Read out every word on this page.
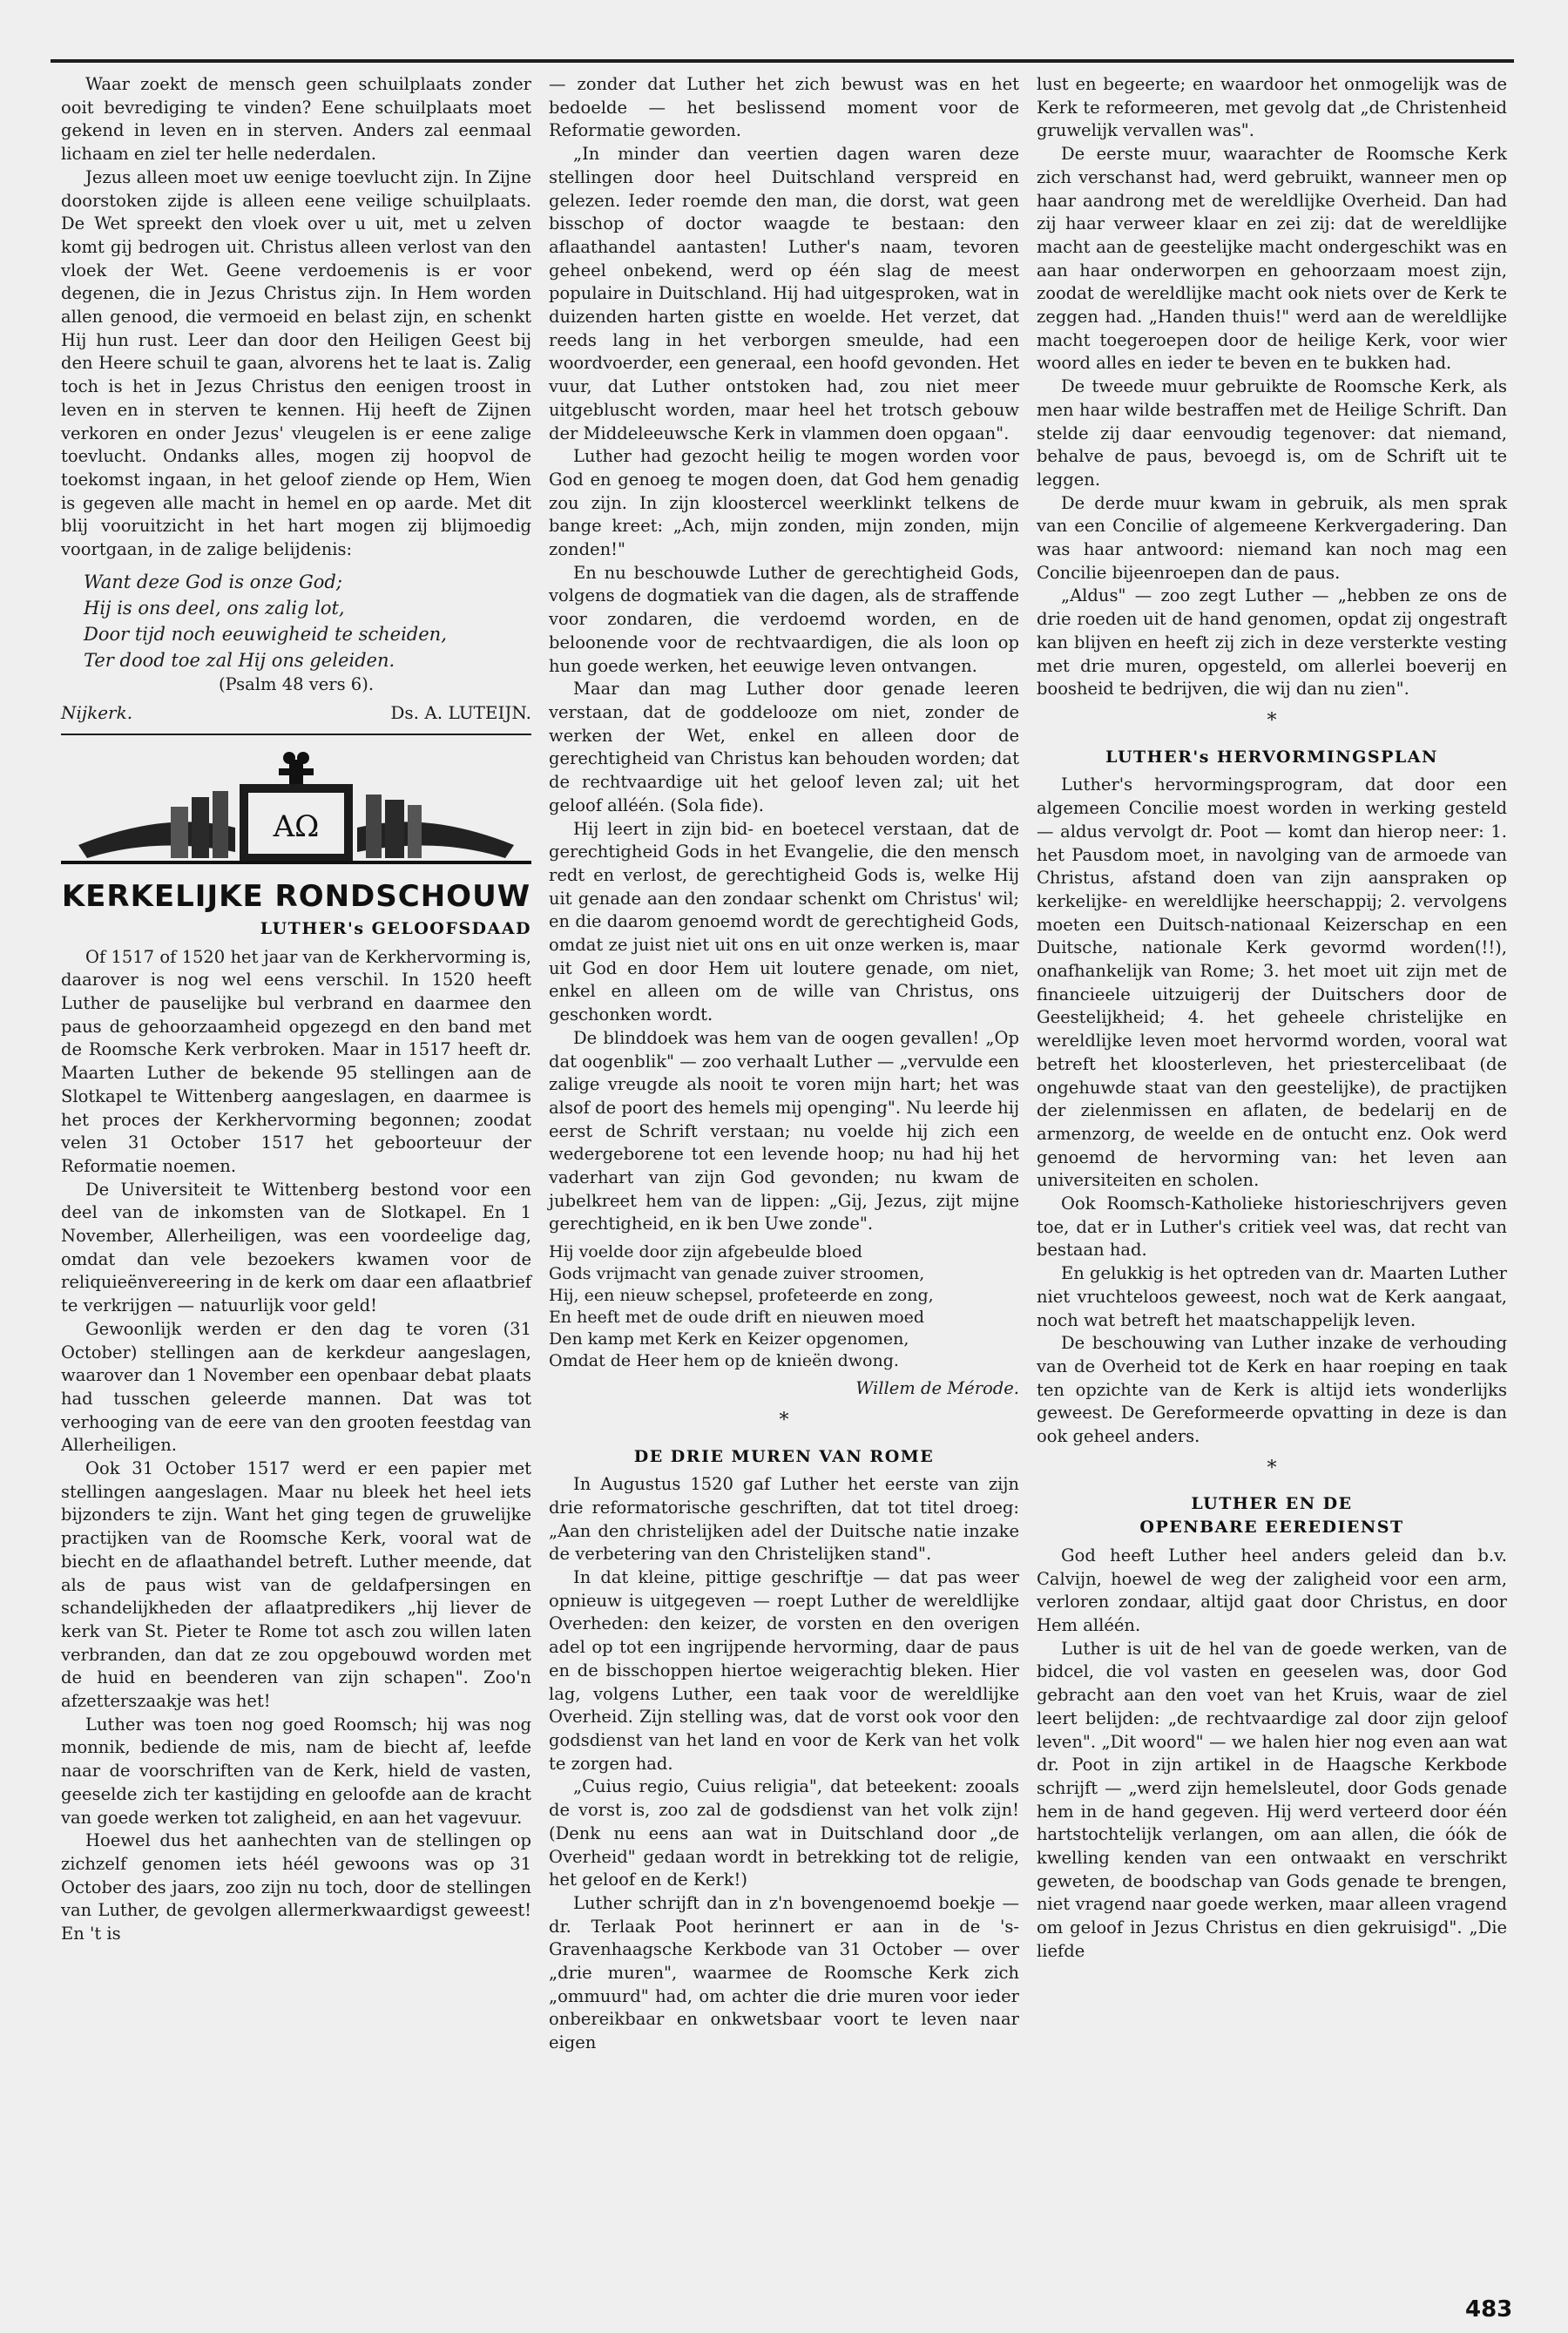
Waar zoekt de mensch geen schuilplaats zonder ooit bevrediging te vinden? Eene schuilplaats moet gekend in leven en in sterven. Anders zal eenmaal lichaam en ziel ter helle nederdalen.

Jezus alleen moet uw eenige toevlucht zijn. In Zijne doorstoken zijde is alleen eene veilige schuilplaats. De Wet spreekt den vloek over u uit, met u zelven komt gij bedrogen uit. Christus alleen verlost van den vloek der Wet. Geene verdoemenis is er voor degenen, die in Jezus Christus zijn. In Hem worden allen genood, die vermoeid en belast zijn, en schenkt Hij hun rust. Leer dan door den Heiligen Geest bij den Heere schuil te gaan, alvorens het te laat is. Zalig toch is het in Jezus Christus den eenigen troost in leven en in sterven te kennen. Hij heeft de Zijnen verkoren en onder Jezus' vleugelen is er eene zalige toevlucht. Ondanks alles, mogen zij hoopvol de toekomst ingaan, in het geloof ziende op Hem, Wien is gegeven alle macht in hemel en op aarde. Met dit blij vooruitzicht in het hart mogen zij blijmoedig voortgaan, in de zalige belijdenis:

Want deze God is onze God;
Hij is ons deel, ons zalig lot,
Door tijd noch eeuwigheid te scheiden,
Ter dood toe zal Hij ons geleiden.
(Psalm 48 vers 6).
Nijkerk.	Ds. A. LUTEIJN.
AΩ
KERKELIJKE RONDSCHOUW
LUTHER's GELOOFSDAAD

Of 1517 of 1520 het jaar van de Kerkhervorming is, daarover is nog wel eens verschil. In 1520 heeft Luther de pauselijke bul verbrand en daarmee den paus de gehoorzaamheid opgezegd en den band met de Roomsche Kerk verbroken. Maar in 1517 heeft dr. Maarten Luther de bekende 95 stellingen aan de Slotkapel te Wittenberg aangeslagen, en daarmee is het proces der Kerkhervorming begonnen; zoodat velen 31 October 1517 het geboorteuur der Reformatie noemen.

De Universiteit te Wittenberg bestond voor een deel van de inkomsten van de Slotkapel. En 1 November, Allerheiligen, was een voordeelige dag, omdat dan vele bezoekers kwamen voor de reliquieënvereering in de kerk om daar een aflaatbrief te verkrijgen — natuurlijk voor geld!

Gewoonlijk werden er den dag te voren (31 October) stellingen aan de kerkdeur aangeslagen, waarover dan 1 November een openbaar debat plaats had tusschen geleerde mannen. Dat was tot verhooging van de eere van den grooten feestdag van Allerheiligen.

Ook 31 October 1517 werd er een papier met stellingen aangeslagen. Maar nu bleek het heel iets bijzonders te zijn. Want het ging tegen de gruwelijke practijken van de Roomsche Kerk, vooral wat de biecht en de aflaathandel betreft. Luther meende, dat als de paus wist van de geldafpersingen en schandelijkheden der aflaatpredikers „hij liever de kerk van St. Pieter te Rome tot asch zou willen laten verbranden, dan dat ze zou opgebouwd worden met de huid en beenderen van zijn schapen". Zoo'n afzetterszaakje was het!

Luther was toen nog goed Roomsch; hij was nog monnik, bediende de mis, nam de biecht af, leefde naar de voorschriften van de Kerk, hield de vasten, geeselde zich ter kastijding en geloofde aan de kracht van goede werken tot zaligheid, en aan het vagevuur.

Hoewel dus het aanhechten van de stellingen op zichzelf genomen iets héél gewoons was op 31 October des jaars, zoo zijn nu toch, door de stellingen van Luther, de gevolgen allermerkwaardigst geweest! En 't is

— zonder dat Luther het zich bewust was en het bedoelde — het beslissend moment voor de Reformatie geworden.

„In minder dan veertien dagen waren deze stellingen door heel Duitschland verspreid en gelezen. Ieder roemde den man, die dorst, wat geen bisschop of doctor waagde te bestaan: den aflaathandel aantasten! Luther's naam, tevoren geheel onbekend, werd op één slag de meest populaire in Duitschland. Hij had uitgesproken, wat in duizenden harten gistte en woelde. Het verzet, dat reeds lang in het verborgen smeulde, had een woordvoerder, een generaal, een hoofd gevonden. Het vuur, dat Luther ontstoken had, zou niet meer uitgebluscht worden, maar heel het trotsch gebouw der Middeleeuwsche Kerk in vlammen doen opgaan".

Luther had gezocht heilig te mogen worden voor God en genoeg te mogen doen, dat God hem genadig zou zijn. In zijn kloostercel weerklinkt telkens de bange kreet: „Ach, mijn zonden, mijn zonden, mijn zonden!"

En nu beschouwde Luther de gerechtigheid Gods, volgens de dogmatiek van die dagen, als de straffende voor zondaren, die verdoemd worden, en de beloonende voor de rechtvaardigen, die als loon op hun goede werken, het eeuwige leven ontvangen.

Maar dan mag Luther door genade leeren verstaan, dat de goddelooze om niet, zonder de werken der Wet, enkel en alleen door de gerechtigheid van Christus kan behouden worden; dat de rechtvaardige uit het geloof leven zal; uit het geloof alléén. (Sola fide).

Hij leert in zijn bid- en boetecel verstaan, dat de gerechtigheid Gods in het Evangelie, die den mensch redt en verlost, de gerechtigheid Gods is, welke Hij uit genade aan den zondaar schenkt om Christus' wil; en die daarom genoemd wordt de gerechtigheid Gods, omdat ze juist niet uit ons en uit onze werken is, maar uit God en door Hem uit loutere genade, om niet, enkel en alleen om de wille van Christus, ons geschonken wordt.

De blinddoek was hem van de oogen gevallen! „Op dat oogenblik" — zoo verhaalt Luther — „vervulde een zalige vreugde als nooit te voren mijn hart; het was alsof de poort des hemels mij openging". Nu leerde hij eerst de Schrift verstaan; nu voelde hij zich een wedergeborene tot een levende hoop; nu had hij het vaderhart van zijn God gevonden; nu kwam de jubelkreet hem van de lippen: „Gij, Jezus, zijt mijne gerechtigheid, en ik ben Uwe zonde".

Hij voelde door zijn afgebeulde bloed
Gods vrijmacht van genade zuiver stroomen,
Hij, een nieuw schepsel, profeteerde en zong,
En heeft met de oude drift en nieuwen moed
Den kamp met Kerk en Keizer opgenomen,
Omdat de Heer hem op de knieën dwong.
Willem de Mérode.
*
DE DRIE MUREN VAN ROME

In Augustus 1520 gaf Luther het eerste van zijn drie reformatorische geschriften, dat tot titel droeg: „Aan den christelijken adel der Duitsche natie inzake de verbetering van den Christelijken stand".

In dat kleine, pittige geschriftje — dat pas weer opnieuw is uitgegeven — roept Luther de wereldlijke Overheden: den keizer, de vorsten en den overigen adel op tot een ingrijpende hervorming, daar de paus en de bisschoppen hiertoe weigerachtig bleken. Hier lag, volgens Luther, een taak voor de wereldlijke Overheid. Zijn stelling was, dat de vorst ook voor den godsdienst van het land en voor de Kerk van het volk te zorgen had.

„Cuius regio, Cuius religia", dat beteekent: zooals de vorst is, zoo zal de godsdienst van het volk zijn! (Denk nu eens aan wat in Duitschland door „de Overheid" gedaan wordt in betrekking tot de religie, het geloof en de Kerk!)

Luther schrijft dan in z'n bovengenoemd boekje — dr. Terlaak Poot herinnert er aan in de 's-Gravenhaagsche Kerkbode van 31 October — over „drie muren", waarmee de Roomsche Kerk zich „ommuurd" had, om achter die drie muren voor ieder onbereikbaar en onkwetsbaar voort te leven naar eigen

lust en begeerte; en waardoor het onmogelijk was de Kerk te reformeeren, met gevolg dat „de Christenheid gruwelijk vervallen was".

De eerste muur, waarachter de Roomsche Kerk zich verschanst had, werd gebruikt, wanneer men op haar aandrong met de wereldlijke Overheid. Dan had zij haar verweer klaar en zei zij: dat de wereldlijke macht aan de geestelijke macht ondergeschikt was en aan haar onderworpen en gehoorzaam moest zijn, zoodat de wereldlijke macht ook niets over de Kerk te zeggen had. „Handen thuis!" werd aan de wereldlijke macht toegeroepen door de heilige Kerk, voor wier woord alles en ieder te beven en te bukken had.

De tweede muur gebruikte de Roomsche Kerk, als men haar wilde bestraffen met de Heilige Schrift. Dan stelde zij daar eenvoudig tegenover: dat niemand, behalve de paus, bevoegd is, om de Schrift uit te leggen.

De derde muur kwam in gebruik, als men sprak van een Concilie of algemeene Kerkvergadering. Dan was haar antwoord: niemand kan noch mag een Concilie bijeenroepen dan de paus.

„Aldus" — zoo zegt Luther — „hebben ze ons de drie roeden uit de hand genomen, opdat zij ongestraft kan blijven en heeft zij zich in deze versterkte vesting met drie muren, opgesteld, om allerlei boeverij en boosheid te bedrijven, die wij dan nu zien".

*
LUTHER's HERVORMINGSPLAN

Luther's hervormingsprogram, dat door een algemeen Concilie moest worden in werking gesteld — aldus vervolgt dr. Poot — komt dan hierop neer: 1. het Pausdom moet, in navolging van de armoede van Christus, afstand doen van zijn aanspraken op kerkelijke- en wereldlijke heerschappij; 2. vervolgens moeten een Duitsch-nationaal Keizerschap en een Duitsche, nationale Kerk gevormd worden(!!), onafhankelijk van Rome; 3. het moet uit zijn met de financieele uitzuigerij der Duitschers door de Geestelijkheid; 4. het geheele christelijke en wereldlijke leven moet hervormd worden, vooral wat betreft het kloosterleven, het priestercelibaat (de ongehuwde staat van den geestelijke), de practijken der zielenmissen en aflaten, de bedelarij en de armenzorg, de weelde en de ontucht enz. Ook werd genoemd de hervorming van: het leven aan universiteiten en scholen.

Ook Roomsch-Katholieke historieschrijvers geven toe, dat er in Luther's critiek veel was, dat recht van bestaan had.

En gelukkig is het optreden van dr. Maarten Luther niet vruchteloos geweest, noch wat de Kerk aangaat, noch wat betreft het maatschappelijk leven.

De beschouwing van Luther inzake de verhouding van de Overheid tot de Kerk en haar roeping en taak ten opzichte van de Kerk is altijd iets wonderlijks geweest. De Gereformeerde opvatting in deze is dan ook geheel anders.

*
LUTHER EN DE
OPENBARE EEREDIENST

God heeft Luther heel anders geleid dan b.v. Calvijn, hoewel de weg der zaligheid voor een arm, verloren zondaar, altijd gaat door Christus, en door Hem alléén.

Luther is uit de hel van de goede werken, van de bidcel, die vol vasten en geeselen was, door God gebracht aan den voet van het Kruis, waar de ziel leert belijden: „de rechtvaardige zal door zijn geloof leven". „Dit woord" — we halen hier nog even aan wat dr. Poot in zijn artikel in de Haagsche Kerkbode schrijft — „werd zijn hemelsleutel, door Gods genade hem in de hand gegeven. Hij werd verteerd door één hartstochtelijk verlangen, om aan allen, die óók de kwelling kenden van een ontwaakt en verschrikt geweten, de boodschap van Gods genade te brengen, niet vragend naar goede werken, maar alleen vragend om geloof in Jezus Christus en dien gekruisigd". „Die liefde

483
